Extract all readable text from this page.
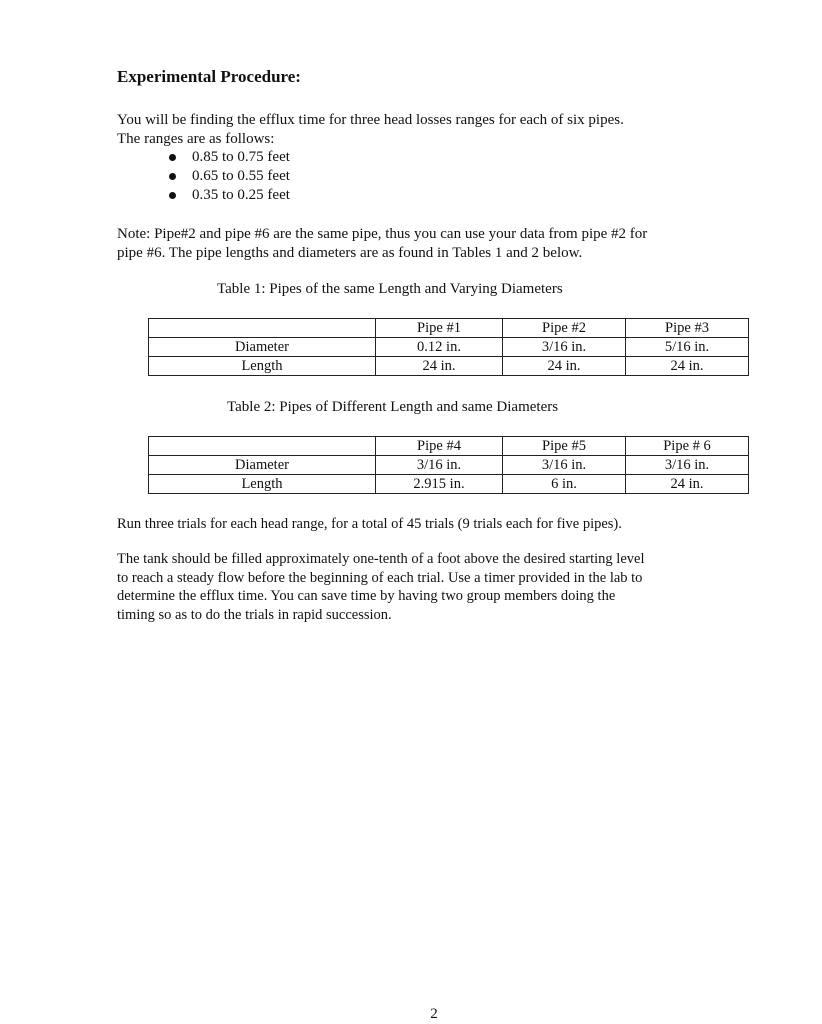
Experimental Procedure:

You will be finding the efflux time for three head losses ranges for each of six pipes.
The ranges are as follows:
0.85 to 0.75 feet
0.65 to 0.55 feet
0.35 to 0.25 feet
Note: Pipe#2 and pipe #6 are the same pipe, thus you can use your data from pipe #2 for
pipe #6. The pipe lengths and diameters are as found in Tables 1 and 2 below.

Table 1: Pipes of the same Length and Varying Diameters

	Pipe #1	Pipe #2	Pipe #3
Diameter	0.12 in.	3/16 in.	5/16 in.
Length	24 in.	24 in.	24 in.

Table 2: Pipes of Different Length and same Diameters

	Pipe #4	Pipe #5	Pipe # 6
Diameter	3/16 in.	3/16 in.	3/16 in.
Length	2.915 in.	6 in.	24 in.

Run three trials for each head range, for a total of 45 trials (9 trials each for five pipes).

The tank should be filled approximately one-tenth of a foot above the desired starting level
to reach a steady flow before the beginning of each trial. Use a timer provided in the lab to
determine the efflux time. You can save time by having two group members doing the
timing so as to do the trials in rapid succession.

2
